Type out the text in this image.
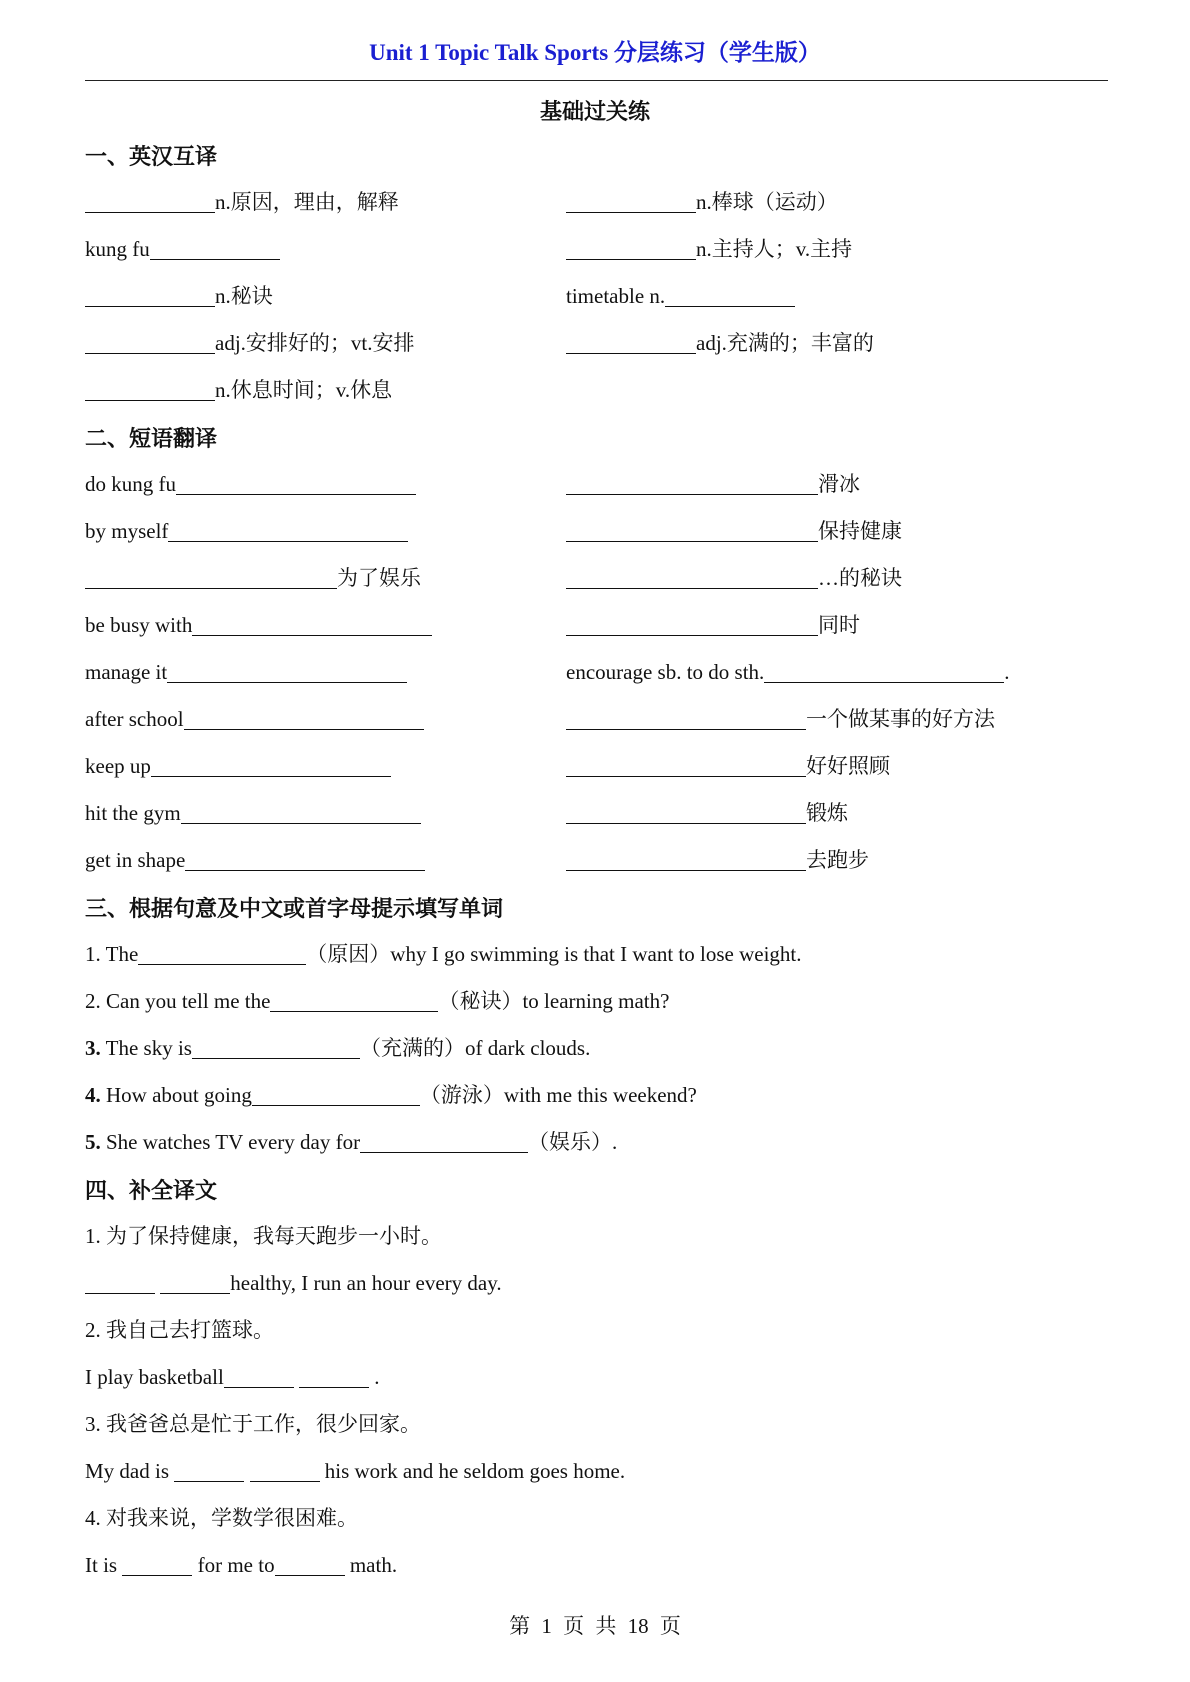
Unit 1 Topic Talk Sports 分层练习（学生版）
基础过关练
一、英汉互译
n.原因，理由，解释	n.棒球（运动）
kung fu	n.主持人；v.主持
n.秘诀	timetable n.
adj.安排好的；vt.安排	adj.充满的；丰富的
n.休息时间；v.休息
二、短语翻译
do kung fu	滑冰
by myself	保持健康
为了娱乐	…的秘诀
be busy with	同时
manage it	encourage sb. to do sth.	.
after school	一个做某事的好方法
keep up	好好照顾
hit the gym	锻炼
get in shape	去跑步
三、根据句意及中文或首字母提示填写单词
1. The	（原因）why I go swimming is that I want to lose weight.
2. Can you tell me the	（秘诀）to learning math?
3. The sky is	（充满的）of dark clouds.
4. How about going	（游泳）with me this weekend?
5. She watches TV every day for	（娱乐）.
四、补全译文
1. 为了保持健康，我每天跑步一小时。
healthy, I run an hour every day.
2. 我自己去打篮球。
I play basketball	.
3. 我爸爸总是忙于工作，很少回家。
My dad is	his work and he seldom goes home.
4. 对我来说，学数学很困难。
It is	for me to	math.
第 1 页 共 18 页
